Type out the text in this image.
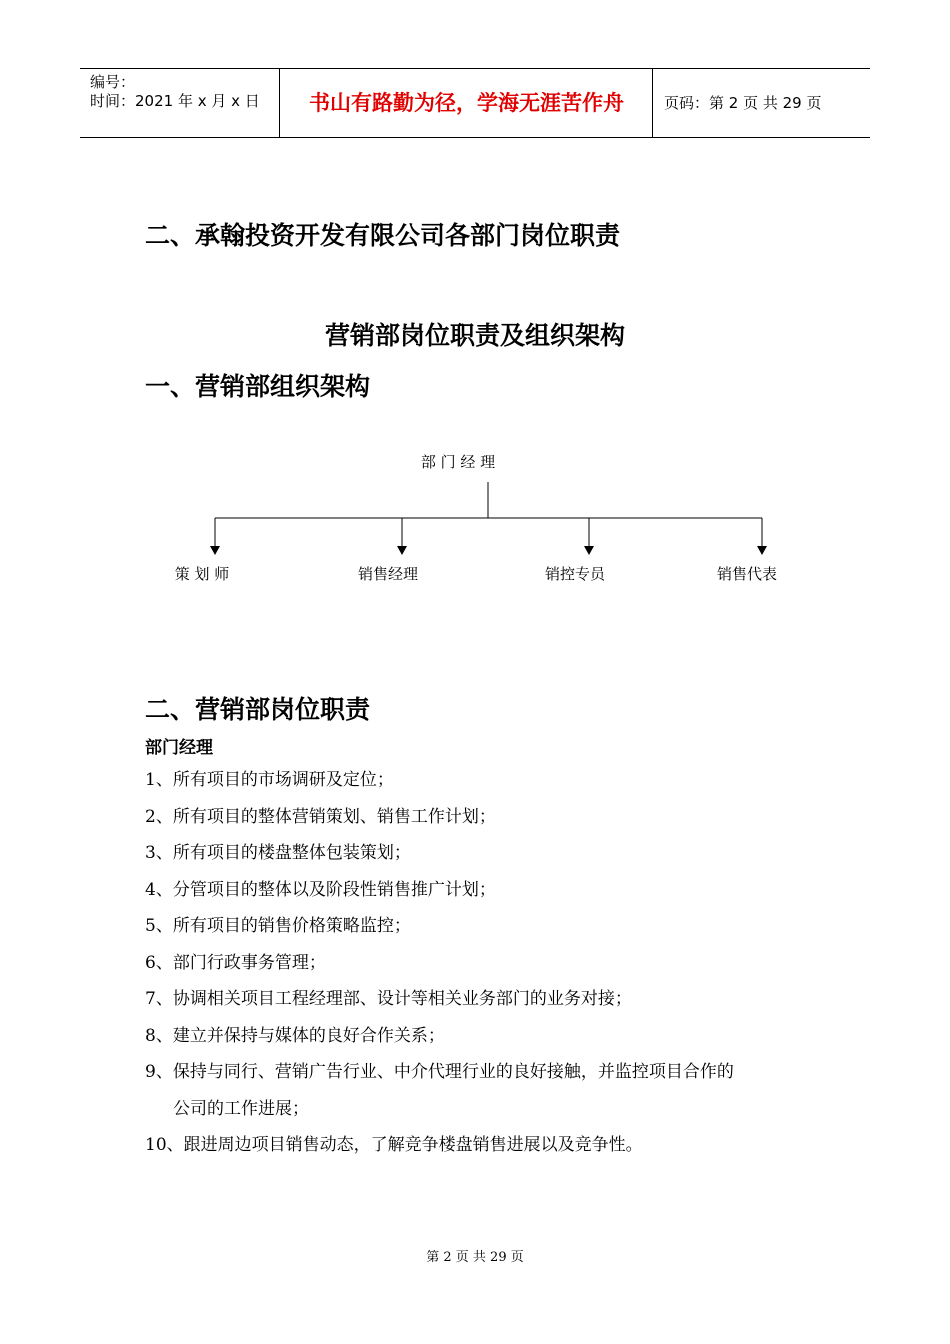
编号：
时间：2021 年 x 月 x 日	书山有路勤为径，学海无涯苦作舟	页码：第 2 页 共 29 页
二、承翰投资开发有限公司各部门岗位职责
营销部岗位职责及组织架构
一、营销部组织架构
部 门 经 理
策 划 师	销售经理	销控专员	销售代表
二、营销部岗位职责
部门经理
1、所有项目的市场调研及定位；
2、所有项目的整体营销策划、销售工作计划；
3、所有项目的楼盘整体包装策划；
4、分管项目的整体以及阶段性销售推广计划；
5、所有项目的销售价格策略监控；
6、部门行政事务管理；
7、协调相关项目工程经理部、设计等相关业务部门的业务对接；
8、建立并保持与媒体的良好合作关系；
9、保持与同行、营销广告行业、中介代理行业的良好接触，并监控项目合作的
公司的工作进展；
10、跟进周边项目销售动态，了解竞争楼盘销售进展以及竞争性。
第 2 页 共 29 页
